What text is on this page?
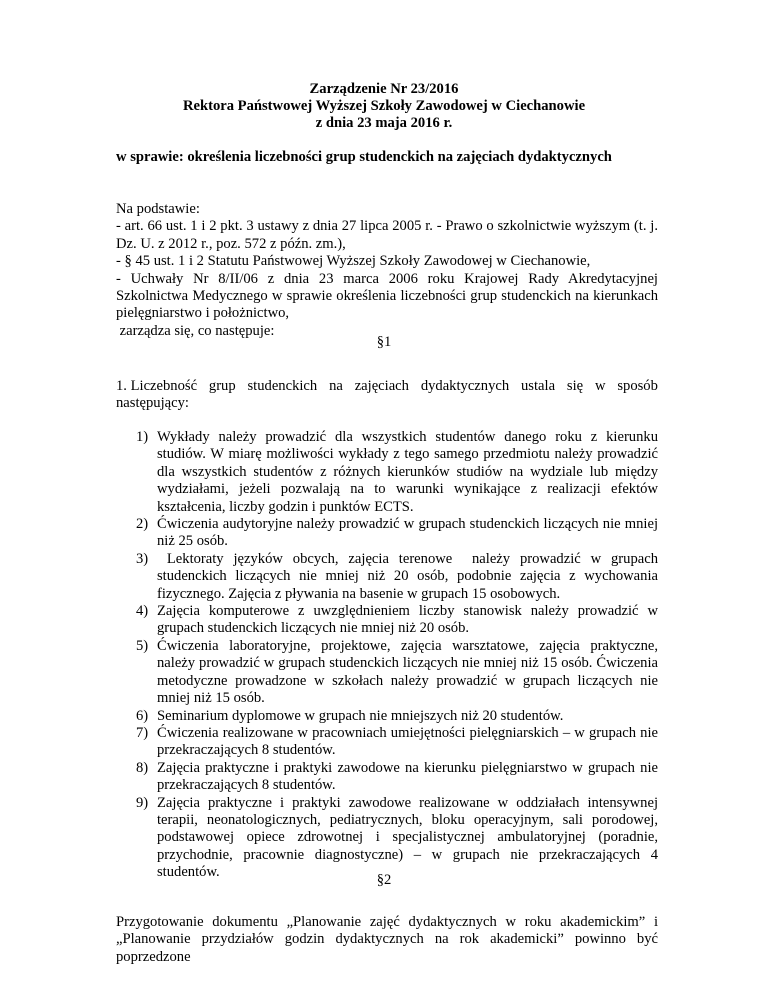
Zarządzenie Nr 23/2016
Rektora Państwowej Wyższej Szkoły Zawodowej w Ciechanowie
z dnia 23 maja 2016 r.
w sprawie: określenia liczebności grup studenckich na zajęciach dydaktycznych
Na podstawie:
- art. 66 ust. 1 i 2 pkt. 3 ustawy z dnia 27 lipca 2005 r. - Prawo o szkolnictwie wyższym (t. j. Dz. U. z 2012 r., poz. 572 z późn. zm.),
- § 45 ust. 1 i 2 Statutu Państwowej Wyższej Szkoły Zawodowej w Ciechanowie,
- Uchwały Nr 8/II/06 z dnia 23 marca 2006 roku Krajowej Rady Akredytacyjnej Szkolnictwa Medycznego w sprawie określenia liczebności grup studenckich na kierunkach pielęgniarstwo i położnictwo,
zarządza się, co następuje:
§1
1. Liczebność grup studenckich na zajęciach dydaktycznych ustala się w sposób
następujący:
1) Wykłady należy prowadzić dla wszystkich studentów danego roku z kierunku studiów. W miarę możliwości wykłady z tego samego przedmiotu należy prowadzić dla wszystkich studentów z różnych kierunków studiów na wydziale lub między wydziałami, jeżeli pozwalają na to warunki wynikające z realizacji efektów kształcenia, liczby godzin i punktów ECTS.
2) Ćwiczenia audytoryjne należy prowadzić w grupach studenckich liczących nie mniej niż 25 osób.
3) Lektoraty języków obcych, zajęcia terenowe  należy prowadzić w grupach studenckich liczących nie mniej niż 20 osób, podobnie zajęcia z wychowania fizycznego. Zajęcia z pływania na basenie w grupach 15 osobowych.
4) Zajęcia komputerowe z uwzględnieniem liczby stanowisk należy prowadzić w grupach studenckich liczących nie mniej niż 20 osób.
5) Ćwiczenia laboratoryjne, projektowe, zajęcia warsztatowe, zajęcia praktyczne, należy prowadzić w grupach studenckich liczących nie mniej niż 15 osób. Ćwiczenia metodyczne prowadzone w szkołach należy prowadzić w grupach liczących nie mniej niż 15 osób.
6) Seminarium dyplomowe w grupach nie mniejszych niż 20 studentów.
7) Ćwiczenia realizowane w pracowniach umiejętności pielęgniarskich – w grupach nie przekraczających 8 studentów.
8) Zajęcia praktyczne i praktyki zawodowe na kierunku pielęgniarstwo w grupach nie przekraczających 8 studentów.
9) Zajęcia praktyczne i praktyki zawodowe realizowane w oddziałach intensywnej terapii, neonatologicznych, pediatrycznych, bloku operacyjnym, sali porodowej, podstawowej opiece zdrowotnej i specjalistycznej ambulatoryjnej (poradnie, przychodnie, pracownie diagnostyczne) – w grupach nie przekraczających 4 studentów.	§2
Przygotowanie dokumentu „Planowanie zajęć dydaktycznych w roku akademickim” i
„Planowanie przydziałów godzin dydaktycznych na rok akademicki” powinno być poprzedzone
